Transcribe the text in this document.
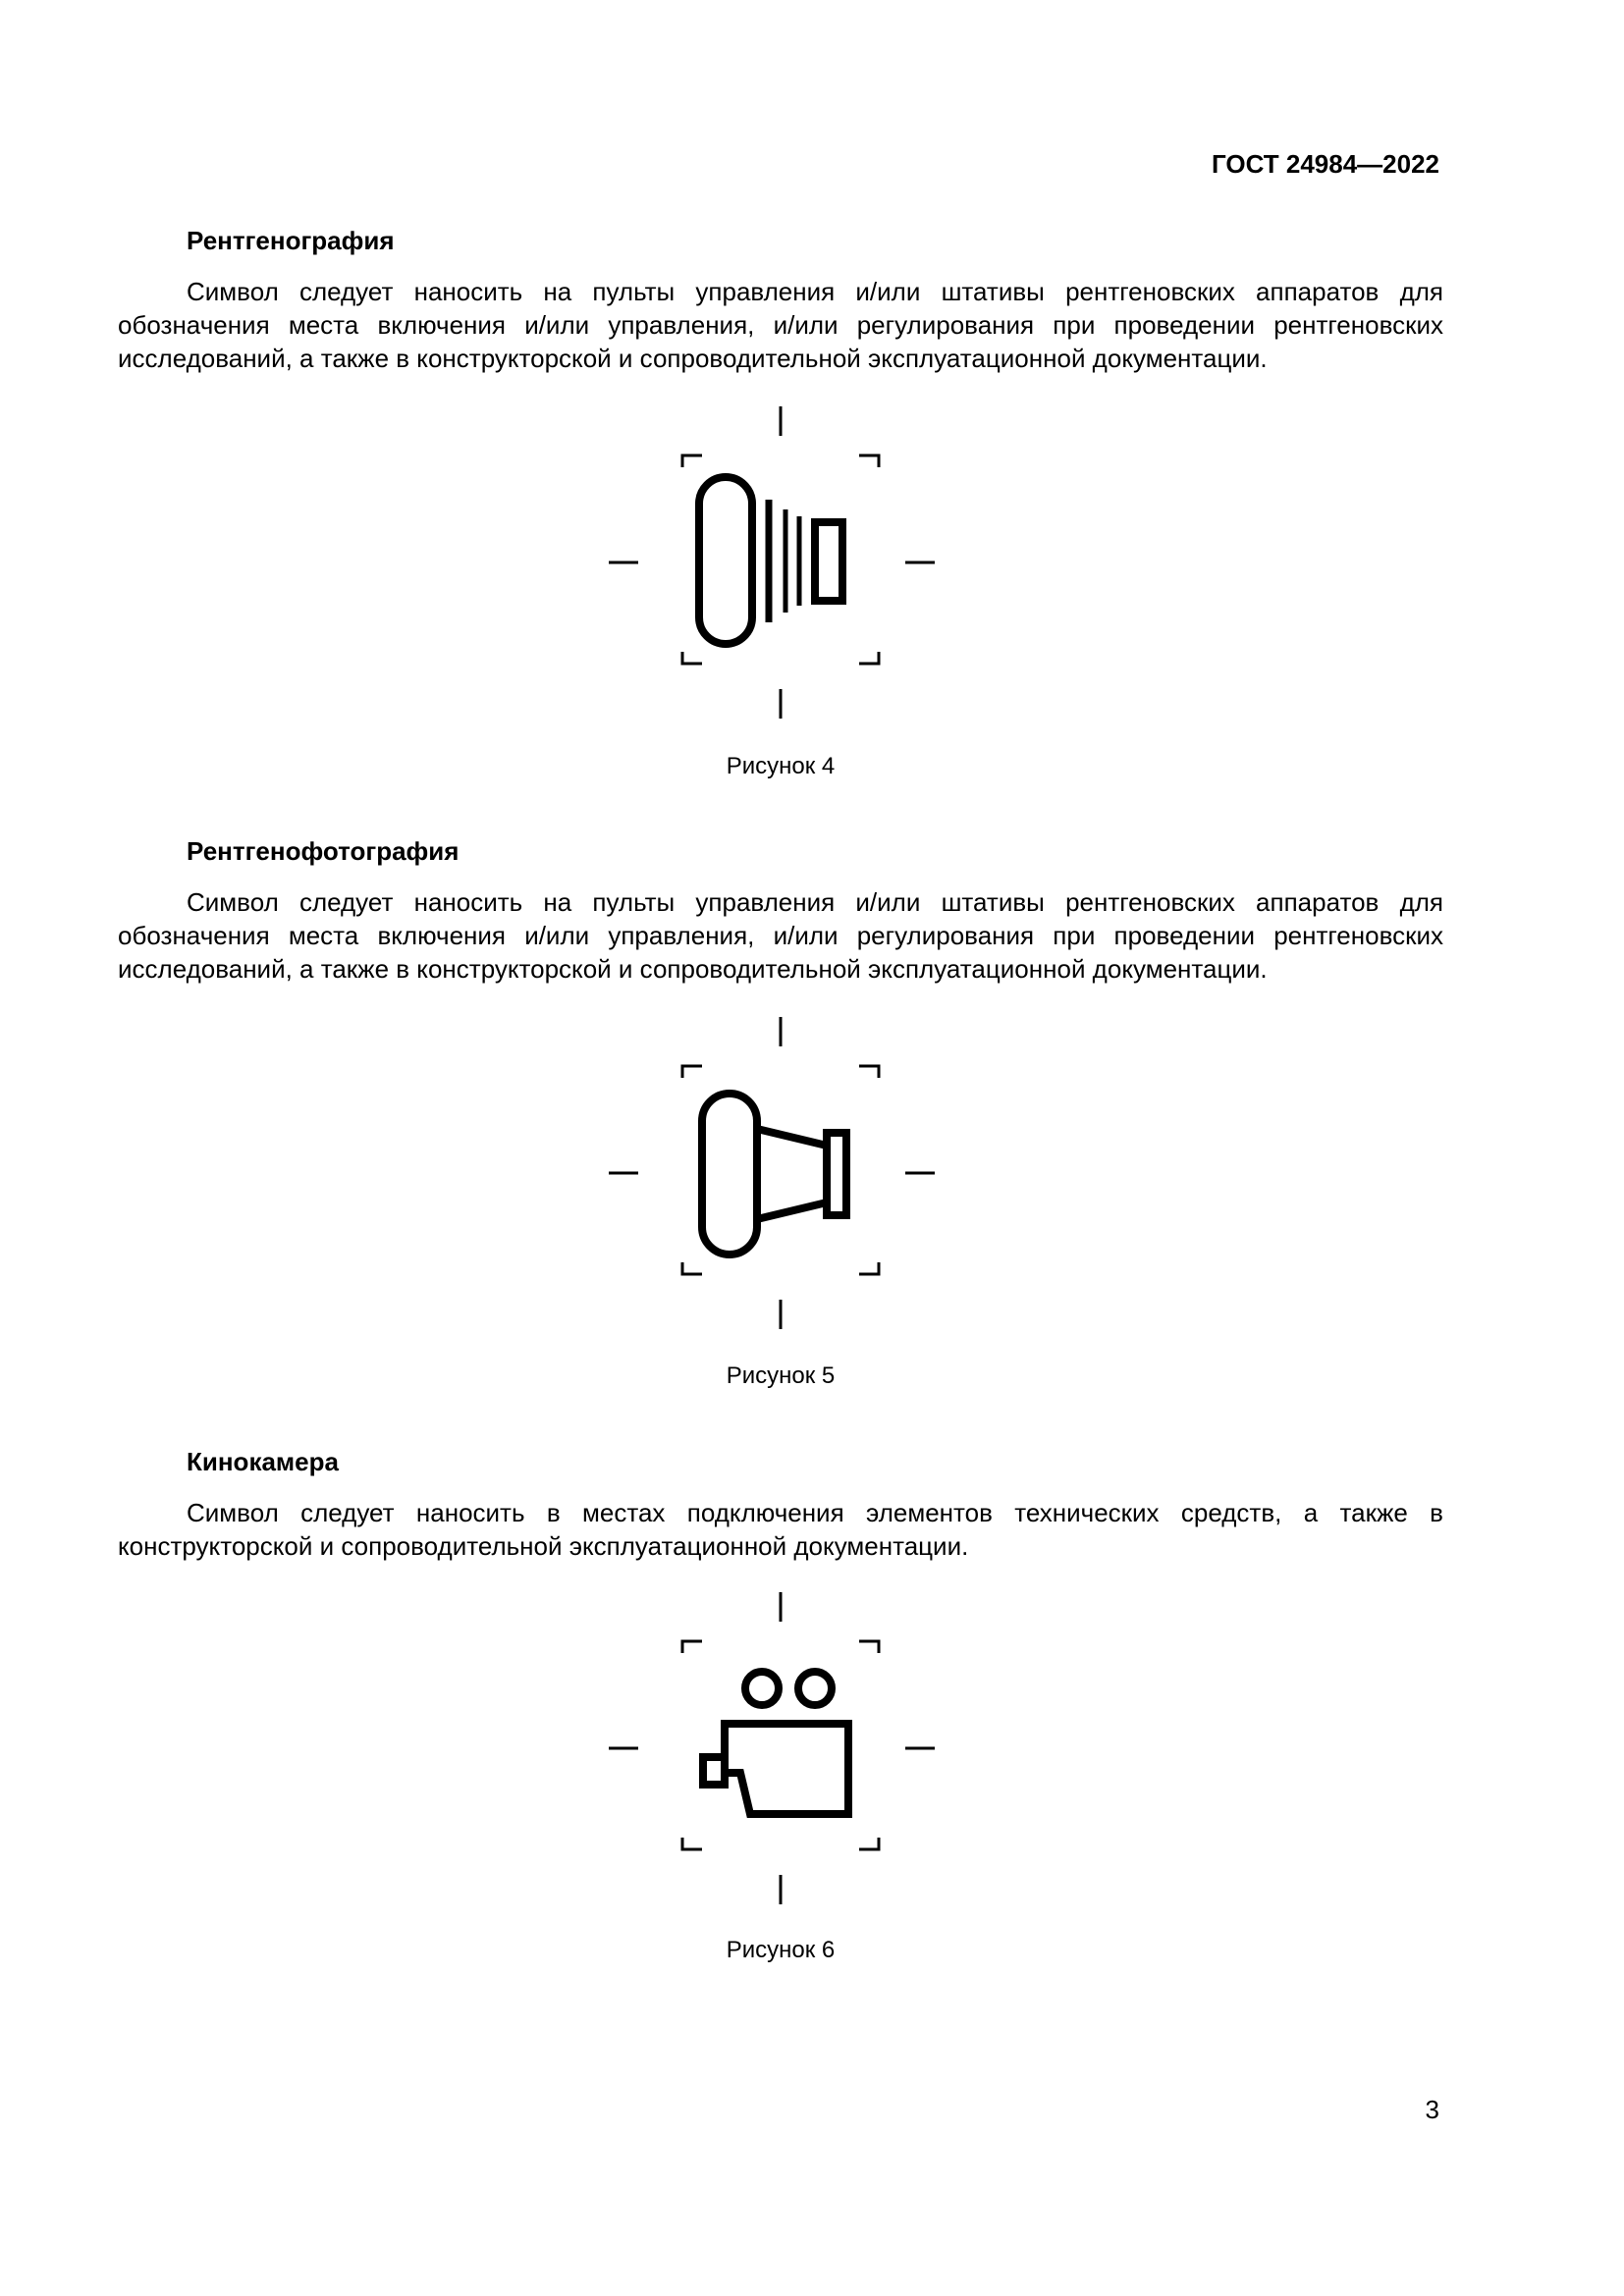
ГОСТ 24984—2022
Рентгенография

Символ следует наносить на пульты управления и/или штативы рентгеновских аппаратов для обозначения места включения и/или управления, и/или регулирования при проведении рентгеновских исследований, а также в конструкторской и сопроводительной эксплуатационной документации.

Рисунок 4
Рентгенофотография

Символ следует наносить на пульты управления и/или штативы рентгеновских аппаратов для обозначения места включения и/или управления, и/или регулирования при проведении рентгеновских исследований, а также в конструкторской и сопроводительной эксплуатационной документации.

Рисунок 5
Кинокамера

Символ следует наносить в местах подключения элементов технических средств, а также в конструкторской и сопроводительной эксплуатационной документации.

Рисунок 6
3
